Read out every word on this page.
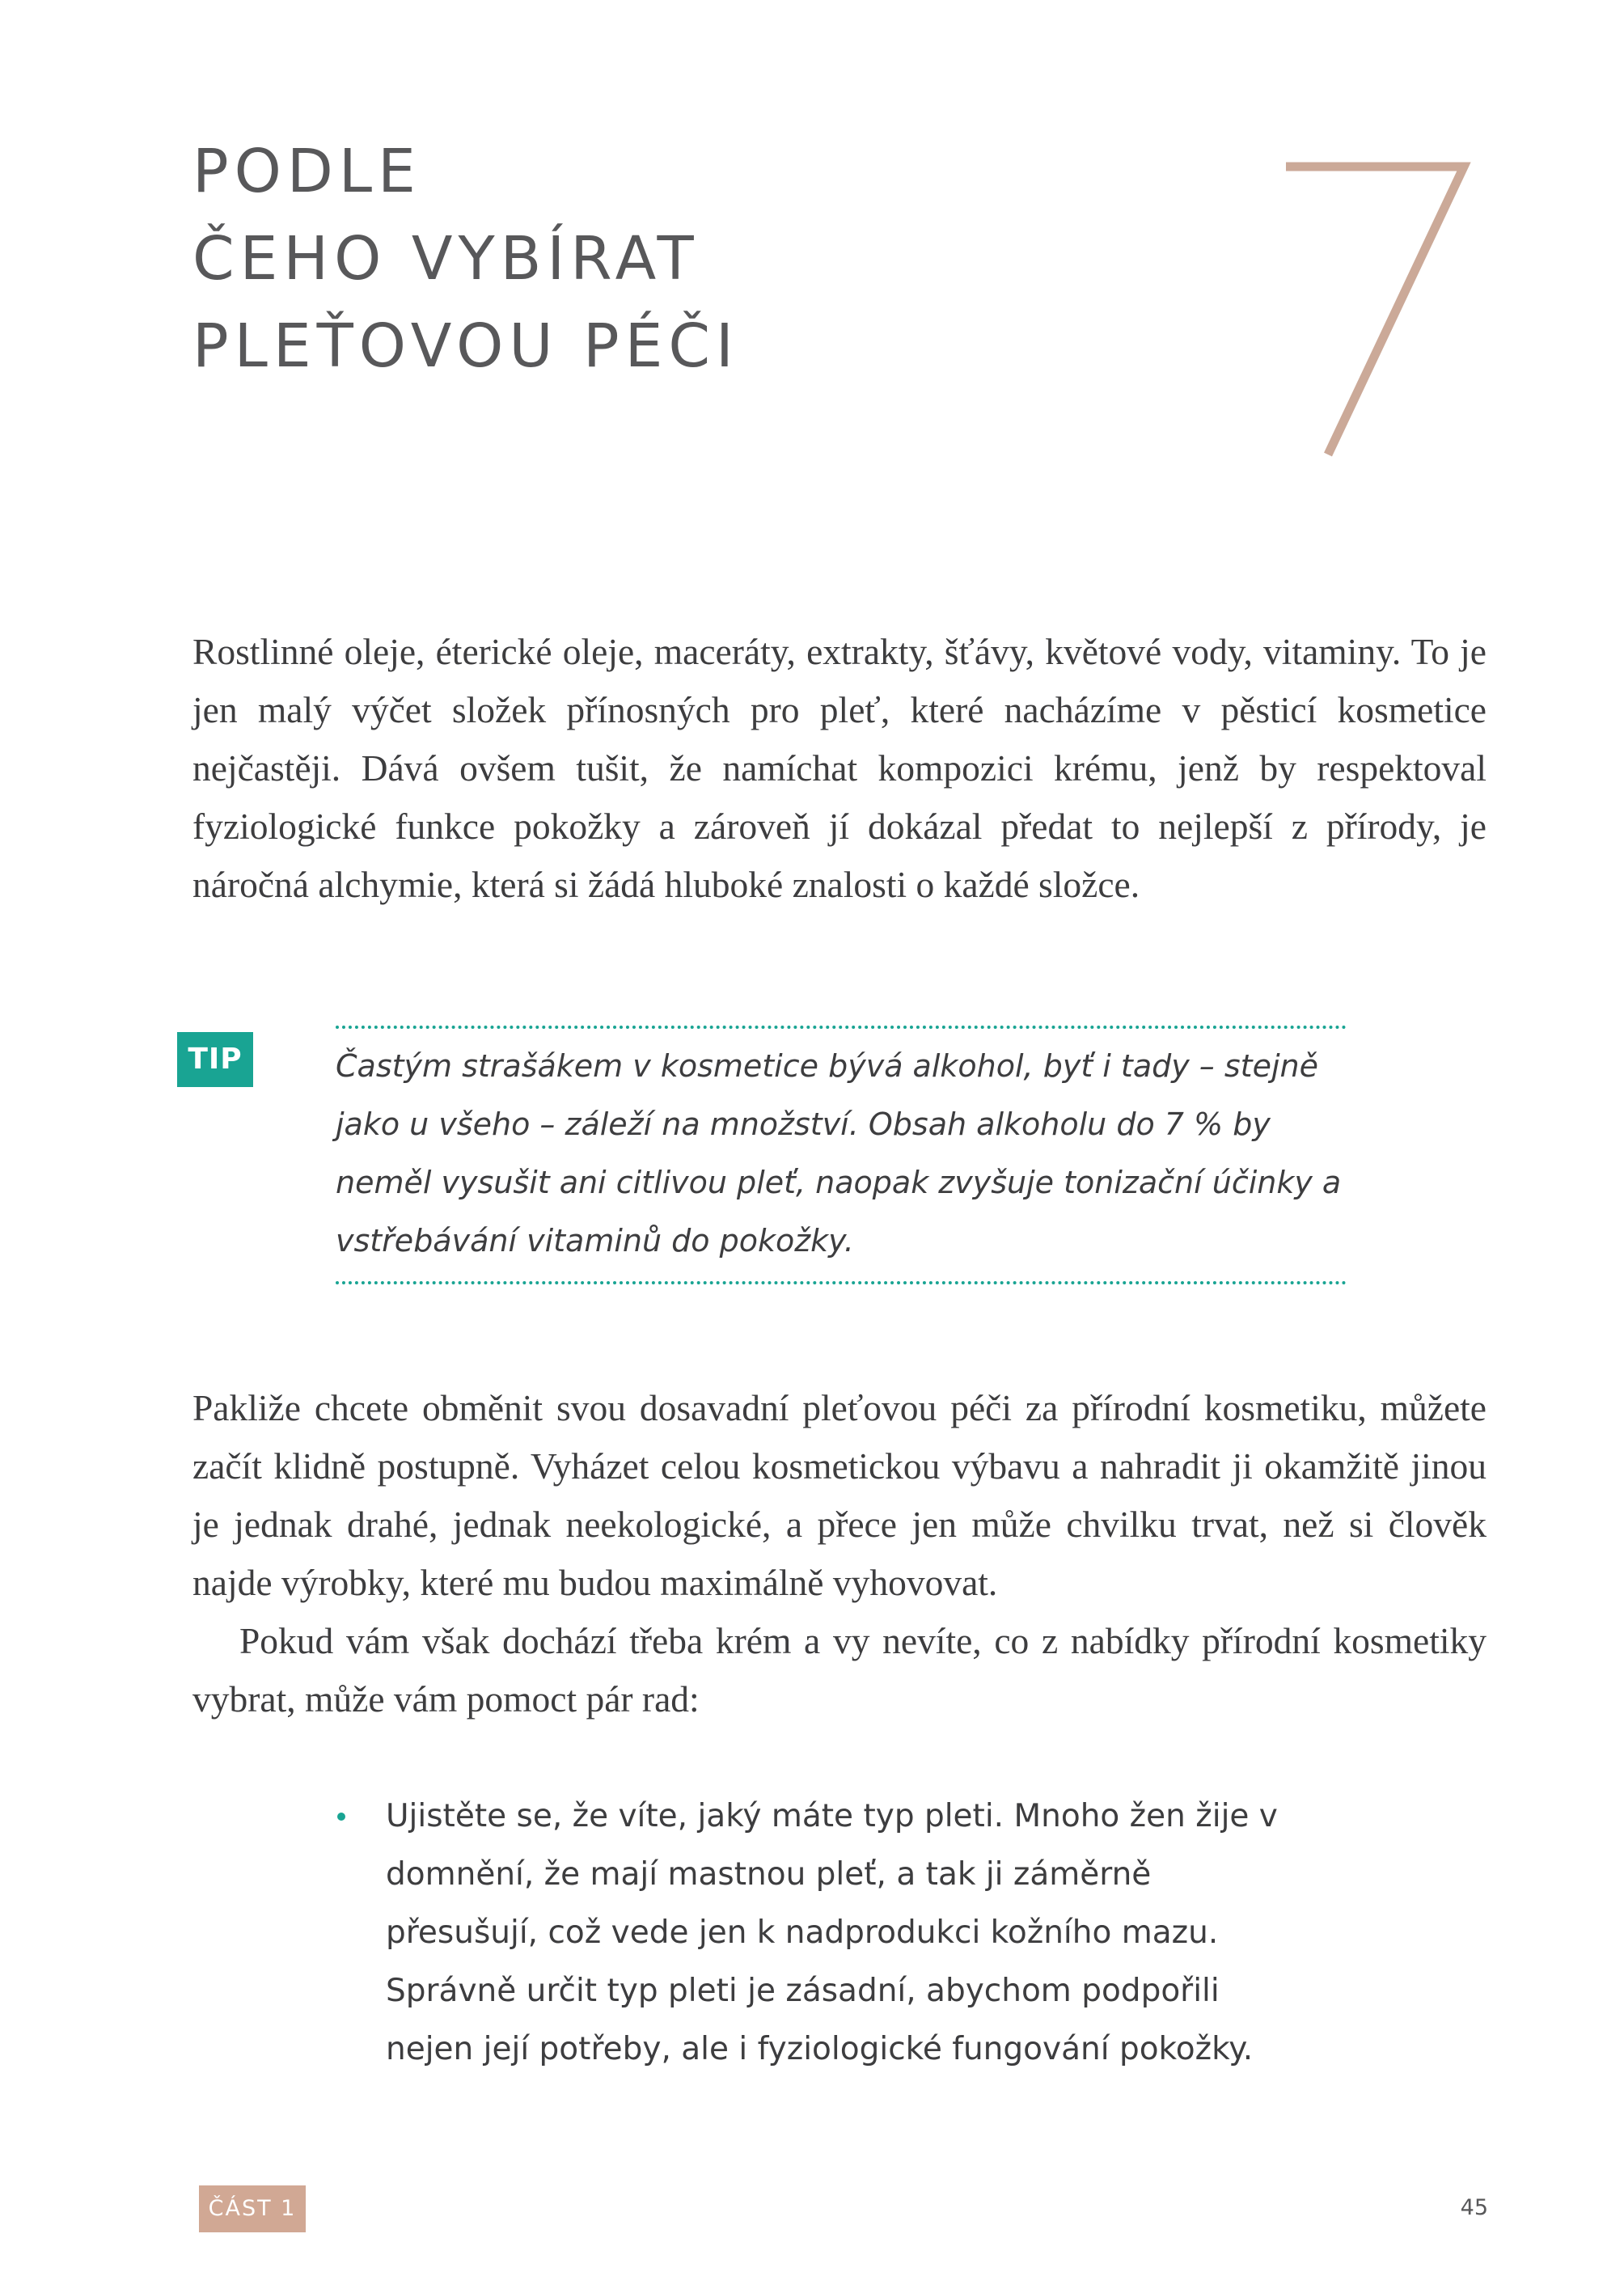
PODLE
ČEHO VYBÍRAT
PLEŤOVOU PÉČI

Rostlinné oleje, éterické oleje, maceráty, extrakty, šťávy, květové vody, vitaminy. To je jen malý výčet složek přínosných pro pleť, které nacházíme v pěsticí kosmetice nejčastěji. Dává ovšem tušit, že namíchat kompozici krému, jenž by respektoval fyziologické funkce pokožky a zároveň jí dokázal předat to nejlepší z přírody, je náročná alchymie, která si žádá hluboké znalosti o každé složce.

TIP	Častým strašákem v kosmetice bývá alkohol, byť i tady – stejně jako u všeho – záleží na množství. Obsah alkoholu do 7 % by neměl vysušit ani citlivou pleť, naopak zvyšuje tonizační účinky a vstřebávání vitaminů do pokožky.

Pakliže chcete obměnit svou dosavadní pleťovou péči za přírodní kosmetiku, můžete začít klidně postupně. Vyházet celou kosmetickou výbavu a nahradit ji okamžitě jinou je jednak drahé, jednak neekologické, a přece jen může chvilku trvat, než si člověk najde výrobky, které mu budou maximálně vyhovovat.
Pokud vám však dochází třeba krém a vy nevíte, co z nabídky přírodní kosmetiky vybrat, může vám pomoct pár rad:
Ujistěte se, že víte, jaký máte typ pleti. Mnoho žen žije v domnění, že mají mastnou pleť, a tak ji záměrně přesušují, což vede jen k nadprodukci kožního mazu. Správně určit typ pleti je zásadní, abychom podpořili nejen její potřeby, ale i fyziologické fungování pokožky.
ČÁST 1	45
